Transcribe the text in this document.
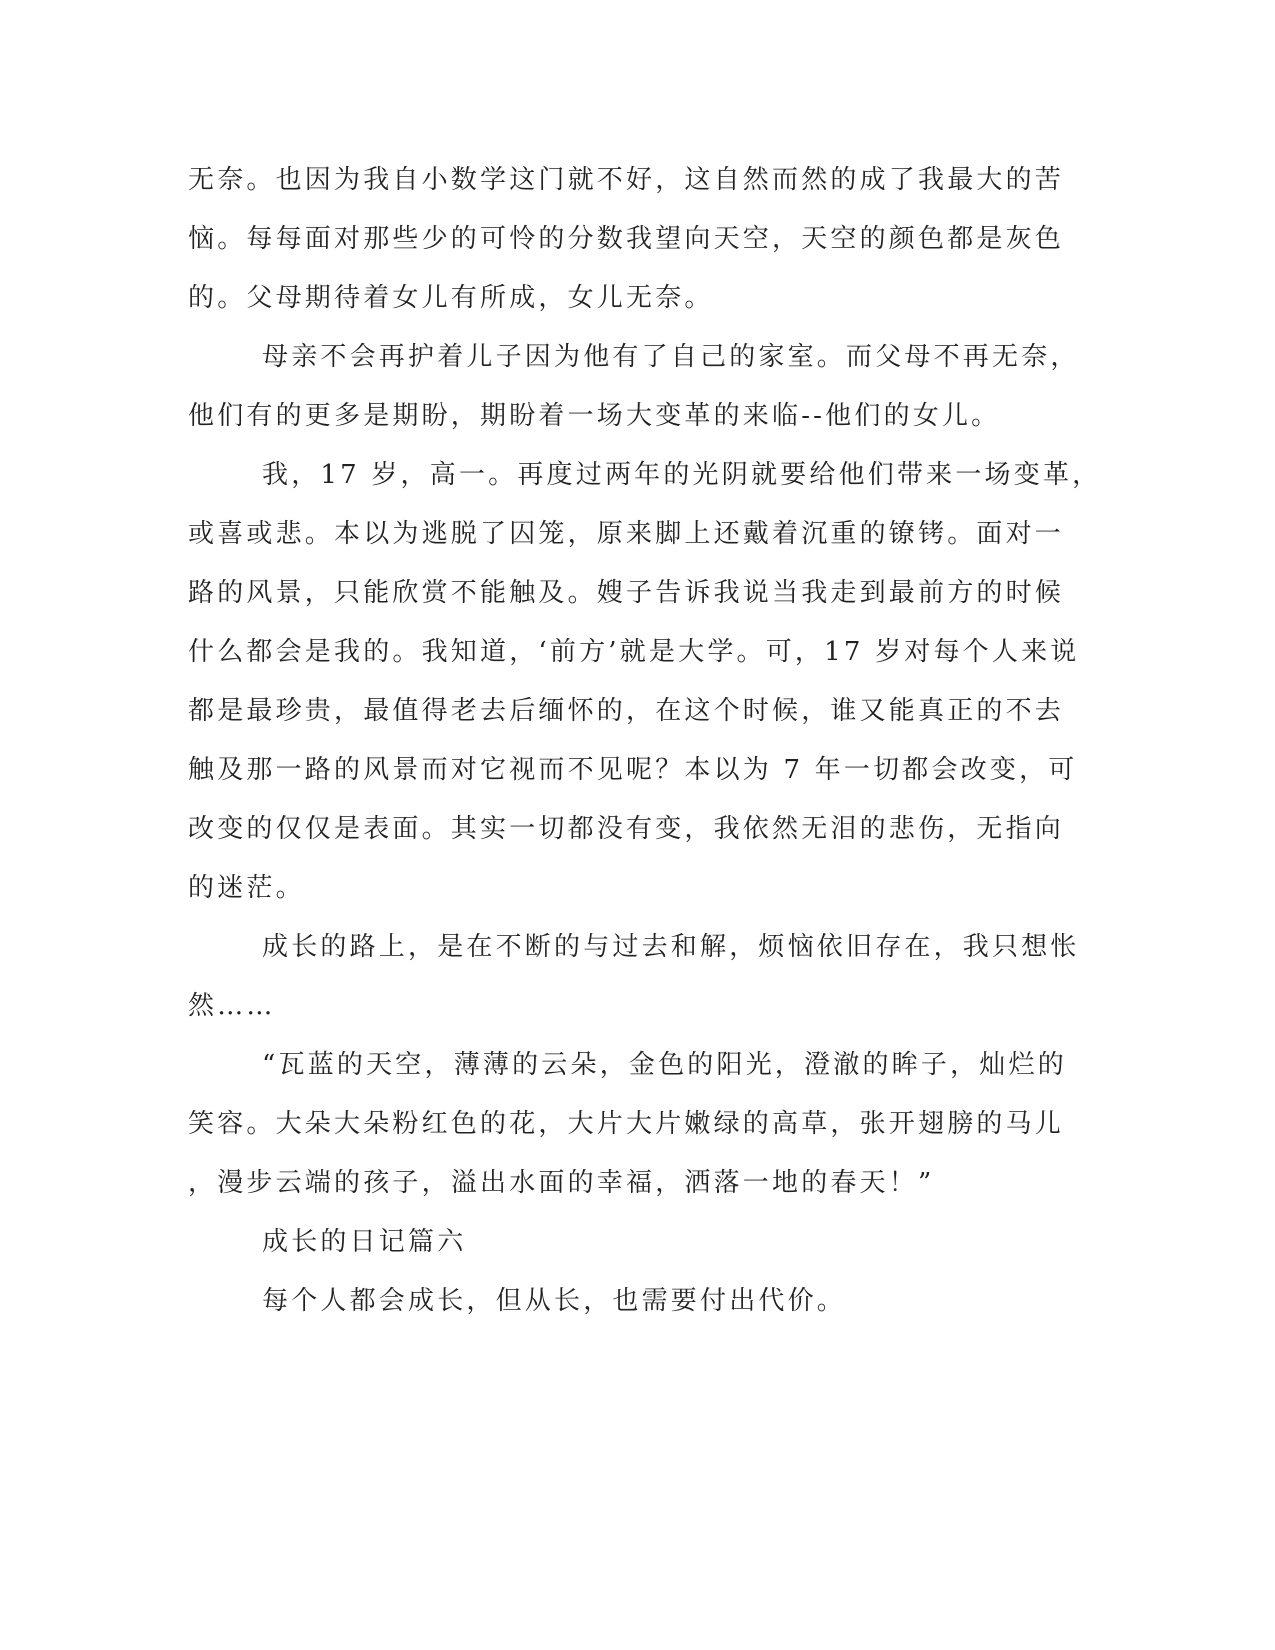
无奈。也因为我自小数学这门就不好，这自然而然的成了我最大的苦

恼。每每面对那些少的可怜的分数我望向天空，天空的颜色都是灰色

的。父母期待着女儿有所成，女儿无奈。

母亲不会再护着儿子因为他有了自己的家室。而父母不再无奈，

他们有的更多是期盼，期盼着一场大变革的来临--他们的女儿。

我，17 岁，高一。再度过两年的光阴就要给他们带来一场变革，

或喜或悲。本以为逃脱了囚笼，原来脚上还戴着沉重的镣铐。面对一

路的风景，只能欣赏不能触及。嫂子告诉我说当我走到最前方的时候

什么都会是我的。我知道，‘前方’就是大学。可，17 岁对每个人来说

都是最珍贵，最值得老去后缅怀的，在这个时候，谁又能真正的不去

触及那一路的风景而对它视而不见呢？本以为 7 年一切都会改变，可

改变的仅仅是表面。其实一切都没有变，我依然无泪的悲伤，无指向

的迷茫。

成长的路上，是在不断的与过去和解，烦恼依旧存在，我只想怅

然……

“瓦蓝的天空，薄薄的云朵，金色的阳光，澄澈的眸子，灿烂的

笑容。大朵大朵粉红色的花，大片大片嫩绿的高草，张开翅膀的马儿

，漫步云端的孩子，溢出水面的幸福，洒落一地的春天！”

成长的日记篇六

每个人都会成长，但从长，也需要付出代价。
